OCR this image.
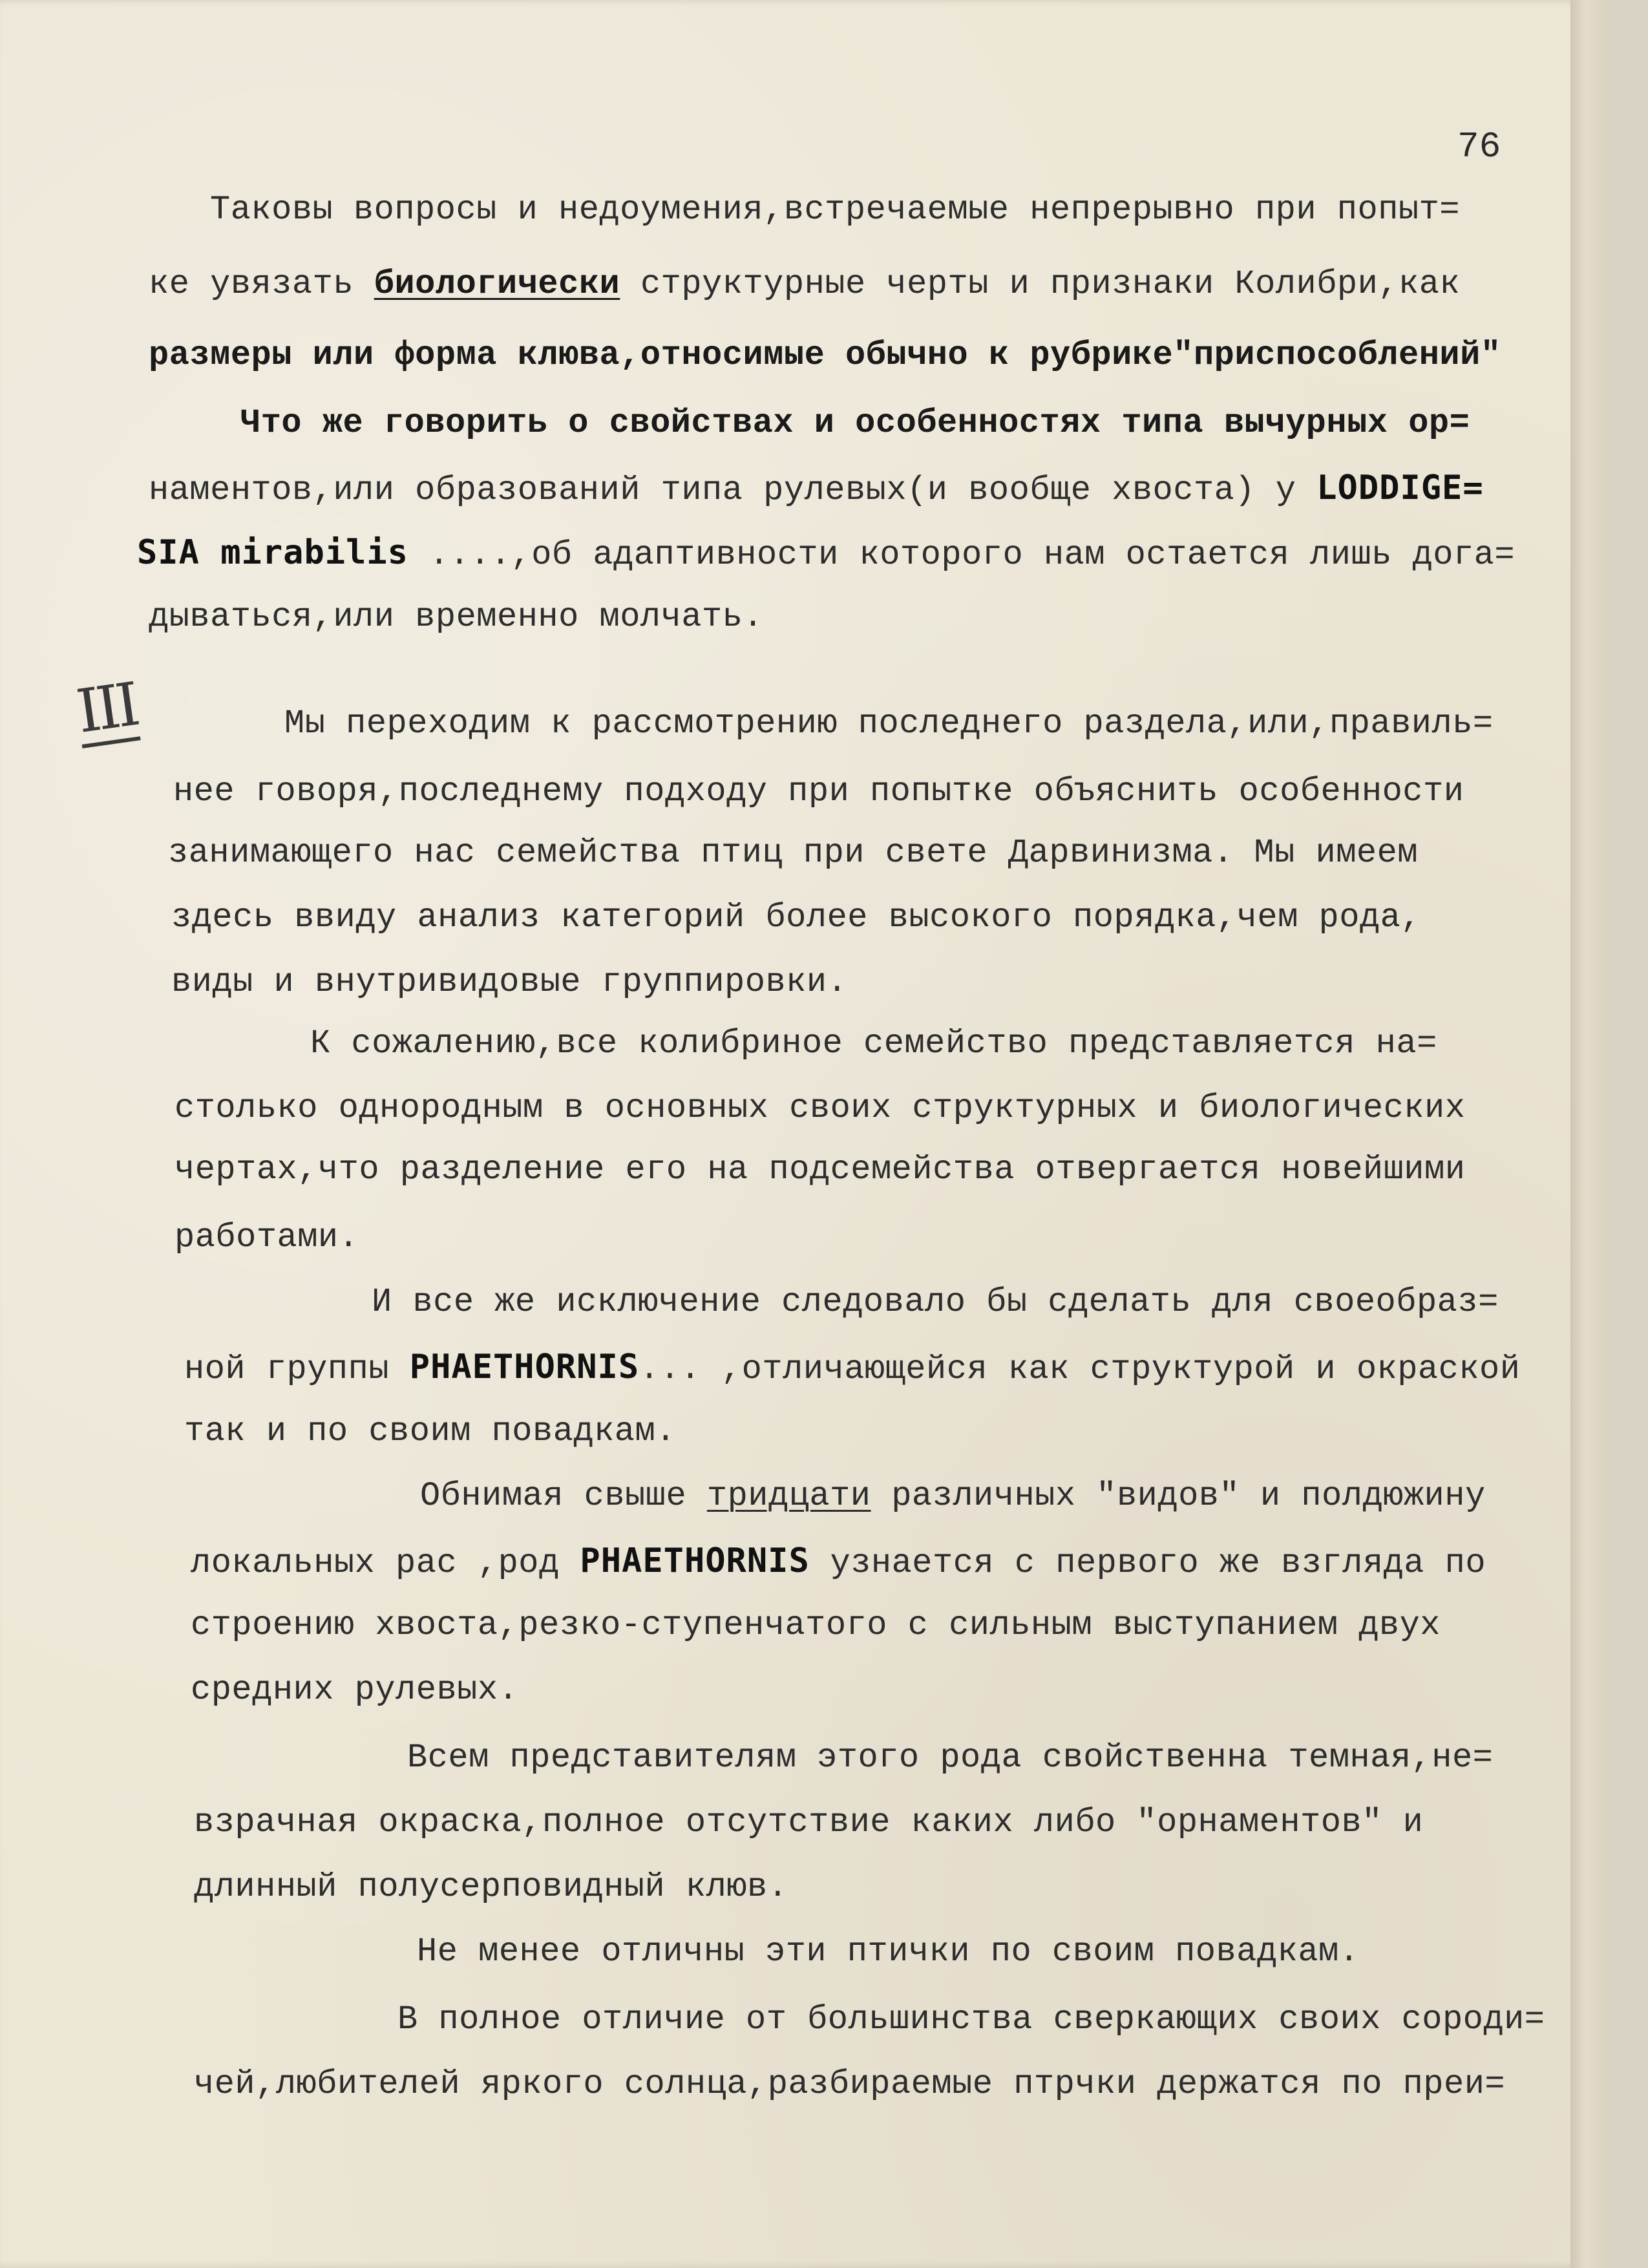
76
III

Таковы вопросы и недоумения,встречаемые непрерывно при попыт=

ке увязать биологически структурные черты и признаки Колибри,как

размеры или форма клюва,относимые обычно к рубрике"приспособлений"

Что же говорить о свойствах и особенностях типа вычурных ор=

наментов,или образований типа рулевых(и вообще хвоста) у LODDIGE=

SIA mirabilis ....,об адаптивности которого нам остается лишь дога=

дываться,или временно молчать.

Мы переходим к рассмотрению последнего раздела,или,правиль=

нее говоря,последнему подходу при попытке объяснить особенности

занимающего нас семейства птиц при свете Дарвинизма. Мы имеем

здесь ввиду анализ категорий более высокого порядка,чем рода,

виды и внутривидовые группировки.

К сожалению,все колибриное семейство представляется на=

столько однородным в основных своих структурных и биологических

чертах,что разделение его на подсемейства отвергается новейшими

работами.

И все же исключение следовало бы сделать для своеобраз=

ной группы PHAETHORNIS... ,отличающейся как структурой и окраской

так и по своим повадкам.

Обнимая свыше тридцати различных "видов" и полдюжину

локальных рас ,род PHAETHORNIS узнается с первого же взгляда по

строению хвоста,резко-ступенчатого с сильным выступанием двух

средних рулевых.

Всем представителям этого рода свойственна темная,не=

взрачная окраска,полное отсутствие каких либо "орнаментов" и

длинный полусерповидный клюв.

Не менее отличны эти птички по своим повадкам.

В полное отличие от большинства сверкающих своих сороди=

чей,любителей яркого солнца,разбираемые птрчки держатся по преи=
